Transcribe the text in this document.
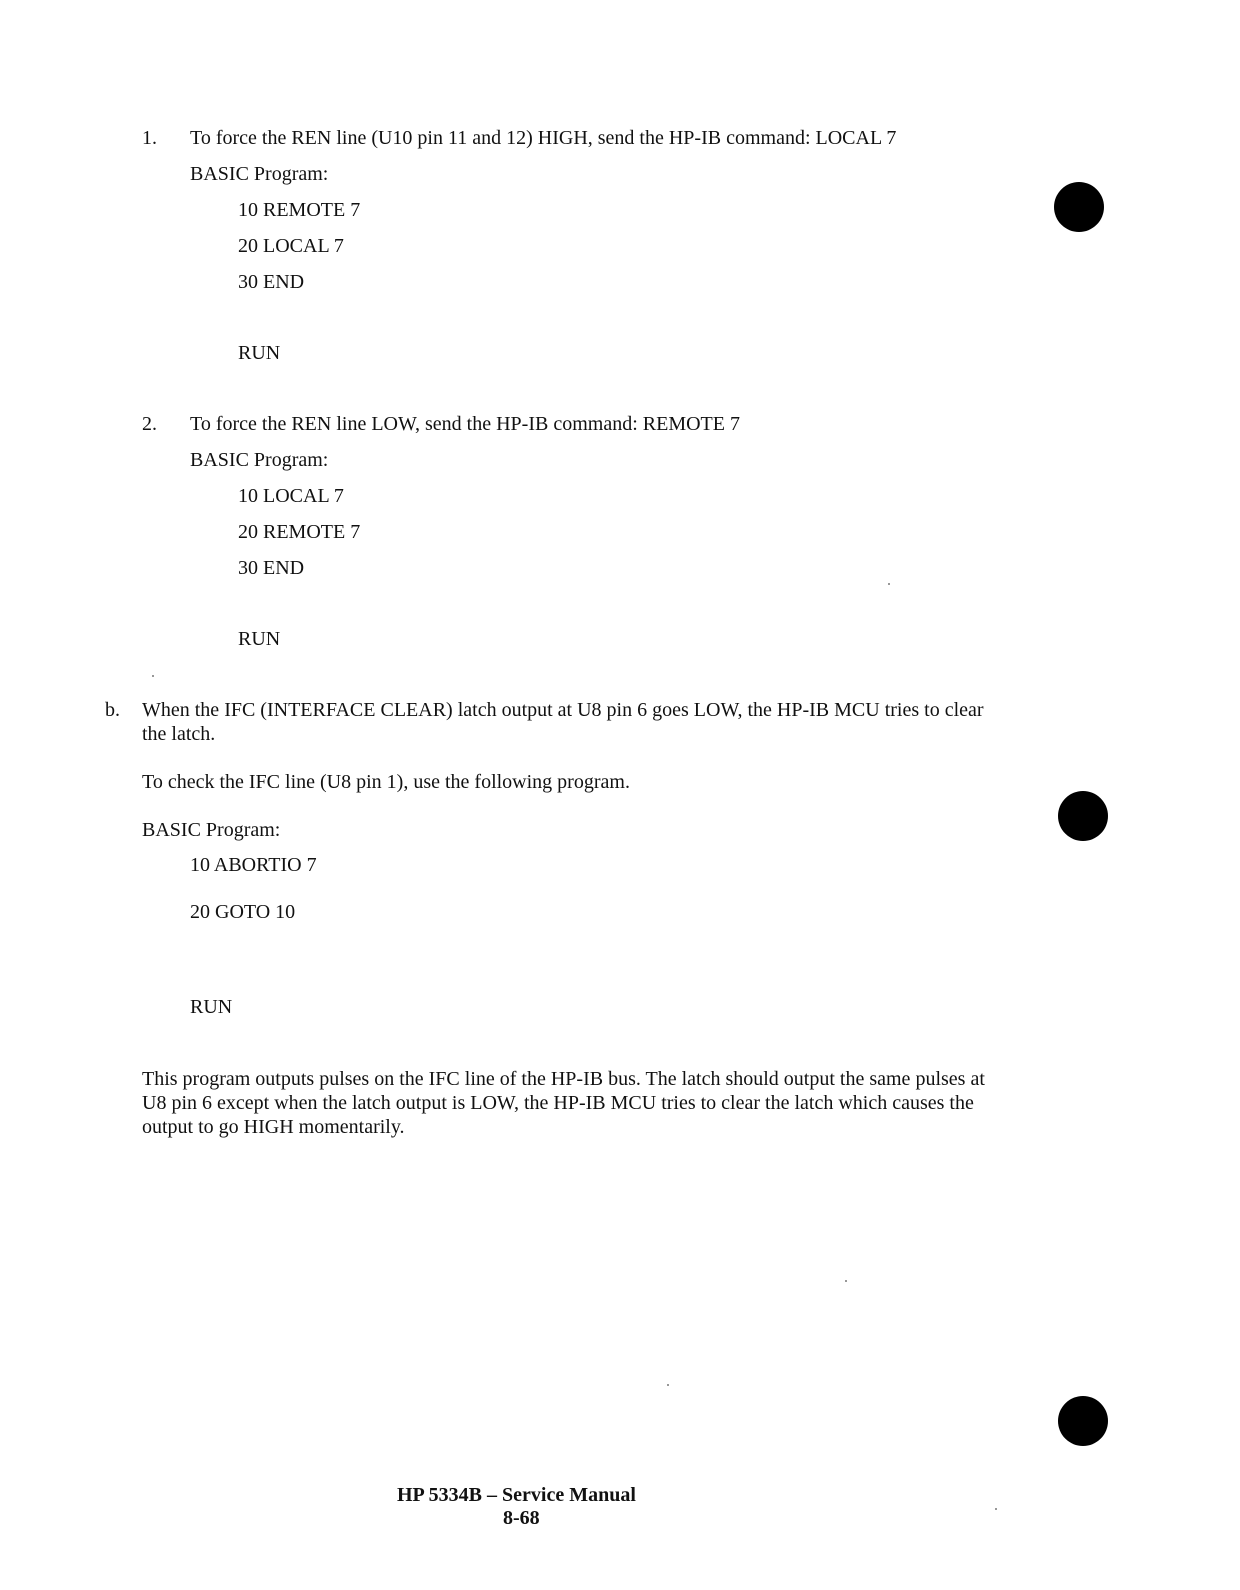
1. To force the REN line (U10 pin 11 and 12) HIGH, send the HP-IB command: LOCAL 7
BASIC Program:
10 REMOTE 7
20 LOCAL 7
30 END
RUN
2. To force the REN line LOW, send the HP-IB command: REMOTE 7
BASIC Program:
10 LOCAL 7
20 REMOTE 7
30 END
RUN
b. When the IFC (INTERFACE CLEAR) latch output at U8 pin 6 goes LOW, the HP-IB MCU tries to clear the latch.
To check the IFC line (U8 pin 1), use the following program.
BASIC Program:
10 ABORTIO 7
20 GOTO 10
RUN
This program outputs pulses on the IFC line of the HP-IB bus. The latch should output the same pulses at U8 pin 6 except when the latch output is LOW, the HP-IB MCU tries to clear the latch which causes the output to go HIGH momentarily.
HP 5334B – Service Manual
8-68
